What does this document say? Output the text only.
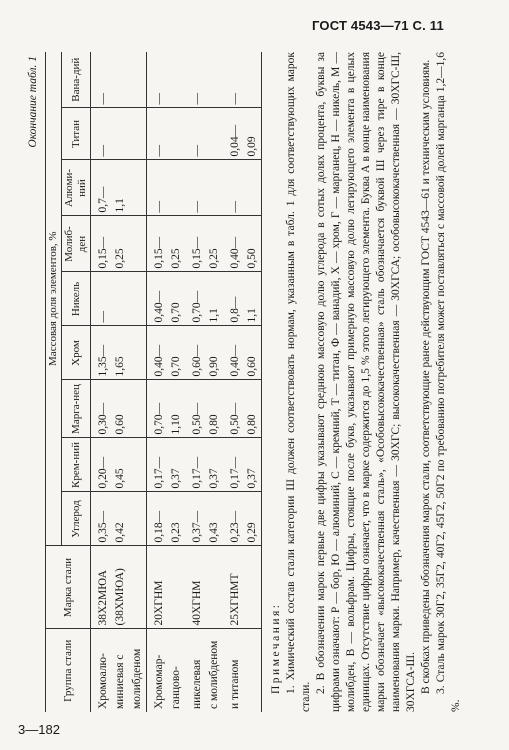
ГОСТ 4543—71 С. 11
3—182
Окончание табл. 1
Группа стали	Марка стали	Массовая доля элементов, %								
		Углерод	Крем-ний	Марга-нец	Хром	Никель	Молиб-ден	Алюми-ний	Титан	Вана-дий
Хромоалю-	38Х2МЮА	0,35—	0,20—	0,30—	1,35—	—	0,15—	0,7—	—	—
миниевая с	(38ХМЮА)	0,42	0,45	0,60	1,65		0,25	1,1		
молибденом										
Хромомар-	20ХГНМ	0,18—	0,17—	0,70—	0,40—	0,40—	0,15—	—	—	—
ганцово-		0,23	0,37	1,10	0,70	0,70	0,25			
никелевая	40ХГНМ	0,37—	0,17—	0,50—	0,60—	0,70—	0,15—	—	—	—
с молибденом		0,43	0,37	0,80	0,90	1,1	0,25			
и титаном	25ХГНМТ	0,23—	0,17—	0,50—	0,40—	0,8—	0,40—	—	0,04—	—
		0,29	0,37	0,80	0,60	1,1	0,50		0,09	

Примечания: 1. Химический состав стали категории Ш должен соответствовать нормам, указанным в табл. 1 для соответствующих марок стали.

2. В обозначении марок первые две цифры указывают среднюю массовую долю углерода в сотых долях процента, буквы за цифрами означают: Р — бор, Ю — алюминий, С — кремний, Т — титан, Ф — ванадий, Х — хром, Г — марганец, Н — никель, М — молибден, В — вольфрам. Цифры, стоящие после букв, указывают примерную массовую долю легирующего элемента в целых единицах. Отсутствие цифры означает, что в марке содержится до 1,5 % этого легирующего элемента. Буква А в конце наименования марки обозначает «высококачественная сталь», «Особовысококачественная» сталь обозначается буквой Ш через тире в конце наименования марки. Например, качественная — 30ХГС; высококачественная — 30ХГСА; особовысококачественная — 30ХГС-Ш, 30ХГСА-Ш. В скобках приведены обозначения марок стали, соответствующие ранее действующим ГОСТ 4543—61 и техническим условиям. 3. Сталь марок 30Г2, 35Г2, 40Г2, 45Г2, 50Г2 по требованию потребителя может поставляться с массовой долей марганца 1,2—1,6 %.
